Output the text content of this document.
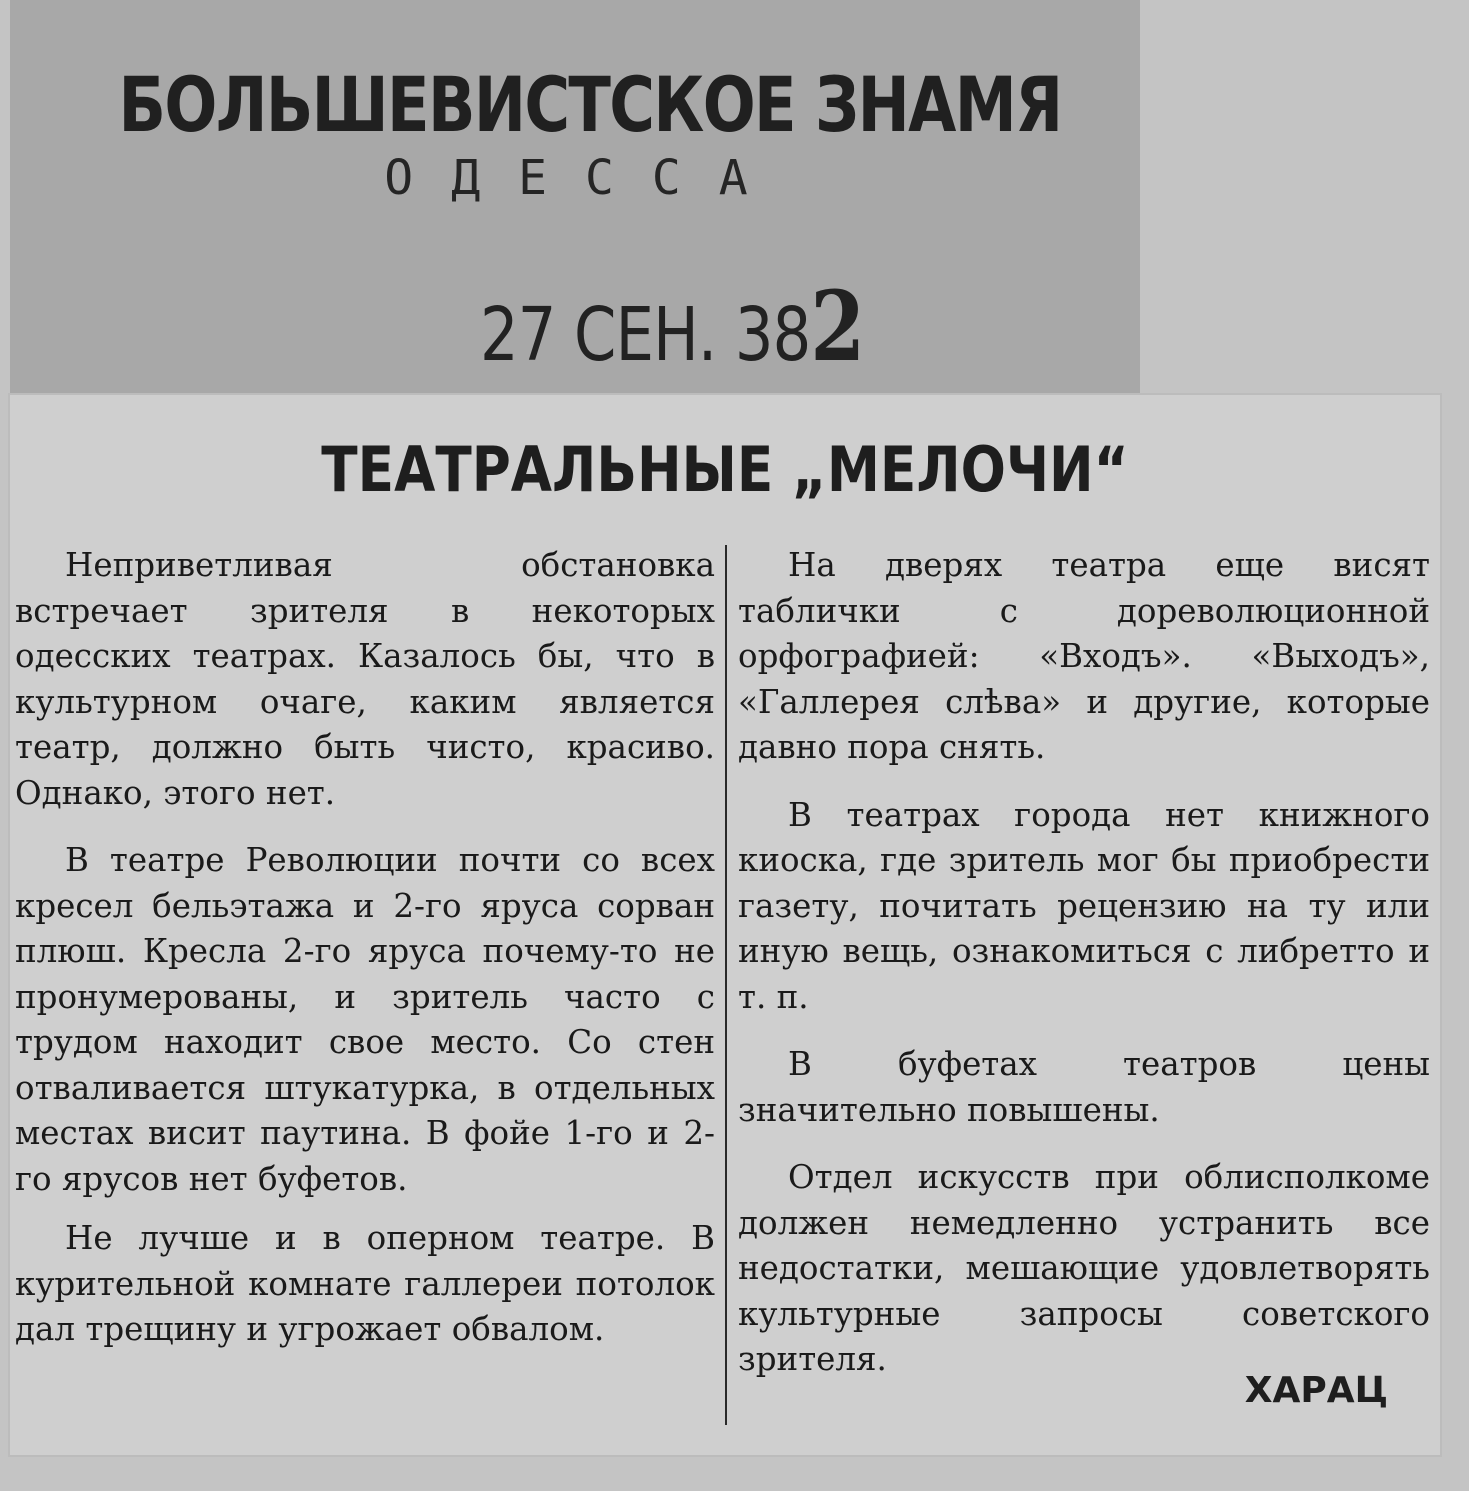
БОЛЬШЕВИСТСКОЕ ЗНАМЯ
ОДЕССА
27 СЕН. 382
ТЕАТРАЛЬНЫЕ „МЕЛОЧИ“

Неприветливая обстановка встречает зрителя в некоторых одесских театрах. Казалось бы, что в культурном очаге, каким является театр, должно быть чисто, красиво. Однако, этого нет.

В театре Революции почти со всех кресел бельэтажа и 2-го яруса сорван плюш. Кресла 2-го яруса почему-то не пронумерованы, и зритель часто с трудом находит свое место. Со стен отваливается штукатурка, в отдельных местах висит паутина. В фойе 1-го и 2-го ярусов нет буфетов.

Не лучше и в оперном театре. В курительной комнате галлереи потолок дал трещину и угрожает обвалом.

На дверях театра еще висят таблички с дореволюционной орфографией: «Входъ». «Выходъ», «Галлерея слѣва» и другие, которые давно пора снять.

В театрах города нет книжного киоска, где зритель мог бы приобрести газету, почитать рецензию на ту или иную вещь, ознакомиться с либретто и т. п.

В буфетах театров цены значительно повышены.

Отдел искусств при облисполкоме должен немедленно устранить все недостатки, мешающие удовлетворять культурные запросы советского зрителя.

ХАРАЦ
